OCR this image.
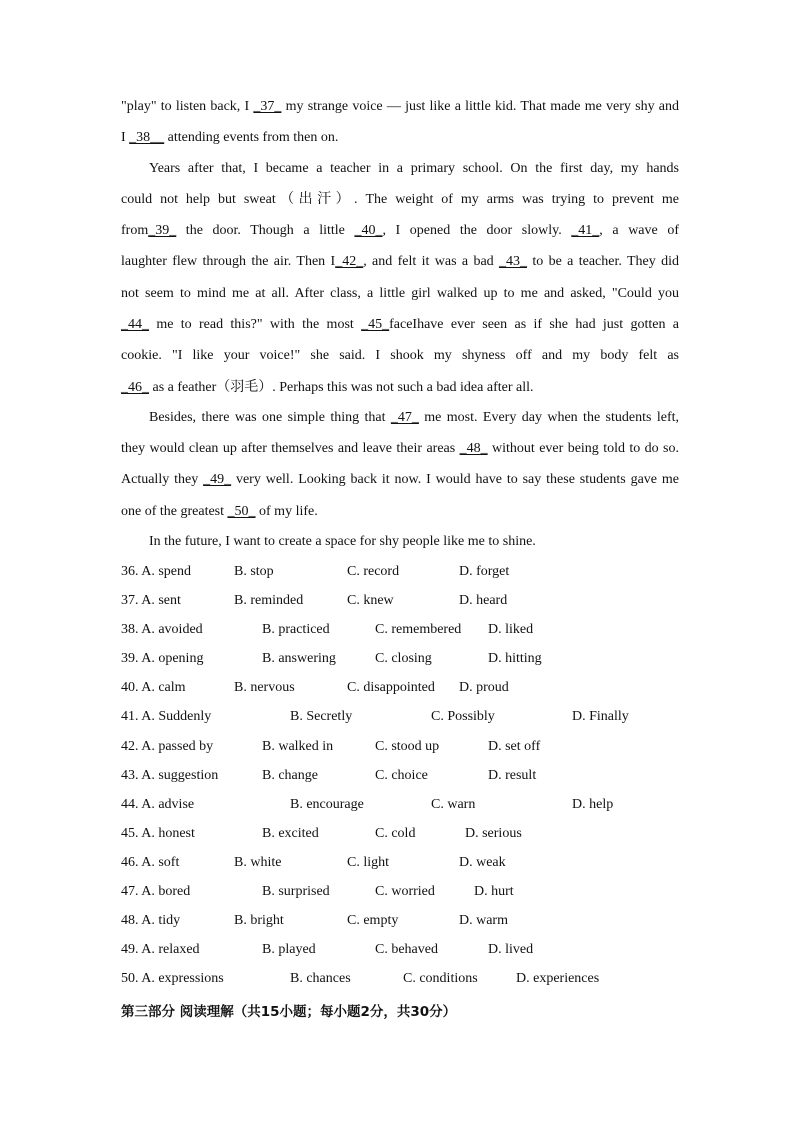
"play" to listen back, I _37_ my strange voice — just like a little kid. That made me very shy and
I _38__ attending events from then on.
Years after that, I became a teacher in a primary school. On the first day, my hands
could not help but sweat（出汗）. The weight of my arms was trying to prevent me
from_39_ the door. Though a little _40_, I opened the door slowly. _41_, a wave of
laughter flew through the air. Then I_42_, and felt it was a bad _43_ to be a teacher. They did
not seem to mind me at all. After class, a little girl walked up to me and asked, "Could you
_44_ me to read this?" with the most _45_faceIhave ever seen as if she had just gotten a
cookie. "I like your voice!" she said. I shook my shyness off and my body felt as
_46_ as a feather（羽毛）. Perhaps this was not such a bad idea after all.
Besides, there was one simple thing that _47_ me most. Every day when the students left,
they would clean up after themselves and leave their areas _48_ without ever being told to do so.
Actually they _49_ very well. Looking back it now. I would have to say these students gave me
one of the greatest _50_ of my life.
In the future, I want to create a space for shy people like me to shine.
36. A. spend	B. stop	C. record	D. forget
37. A. sent	B. reminded	C. knew	D. heard
38. A. avoided	B. practiced	C. remembered D. liked
39. A. opening	B. answering	C. closing	D. hitting
40. A. calm	B. nervous	C. disappointed D. proud
41. A. Suddenly	B. Secretly	C. Possibly	D. Finally
42. A. passed by	B. walked in	C. stood up	D. set off
43. A. suggestion	B. change	C. choice	D. result
44. A. advise	B. encourage	C. warn	D. help
45. A. honest	B. excited	C. cold	D. serious
46. A. soft	B. white	C. light	D. weak
47. A. bored	B. surprised	C. worried	D. hurt
48. A. tidy	B. bright	C. empty	D. warm
49. A. relaxed	B. played	C. behaved	D. lived
50. A. expressions	B. chances	C. conditions	D. experiences
第三部分 阅读理解（共15小题；每小题2分，共30分）
